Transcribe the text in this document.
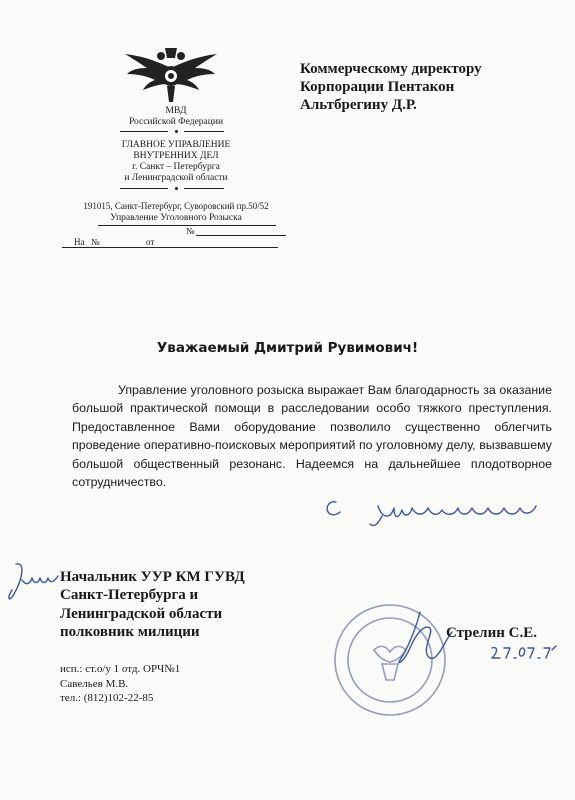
МВД
Российской Федерации
ГЛАВНОЕ УПРАВЛЕНИЕ
ВНУТРЕННИХ ДЕЛ
г. Санкт – Петербурга
и Ленинградской области
191015, Санкт-Петербург, Суворовский пр.50/52
Управление Уголовного Розыска
№
На №	от
Коммерческому директору
Корпорации Пентакон
Альтбрегину Д.Р.
Уважаемый Дмитрий Рувимович!
Управление уголовного розыска выражает Вам благодарность за оказание большой практической помощи в расследовании особо тяжкого преступления. Предоставленное Вами оборудование позволило существенно облегчить проведение оперативно-поисковых мероприятий по уголовному делу, вызвавшему большой общественный резонанс. Надеемся на дальнейшее плодотворное сотрудничество.
Начальник УУР КМ ГУВД
Санкт-Петербурга и
Ленинградской области
полковник милиции	Стрелин С.Е.
исп.: ст.о/у 1 отд. ОРЧ№1
Савельев М.В.
тел.: (812)102-22-85
